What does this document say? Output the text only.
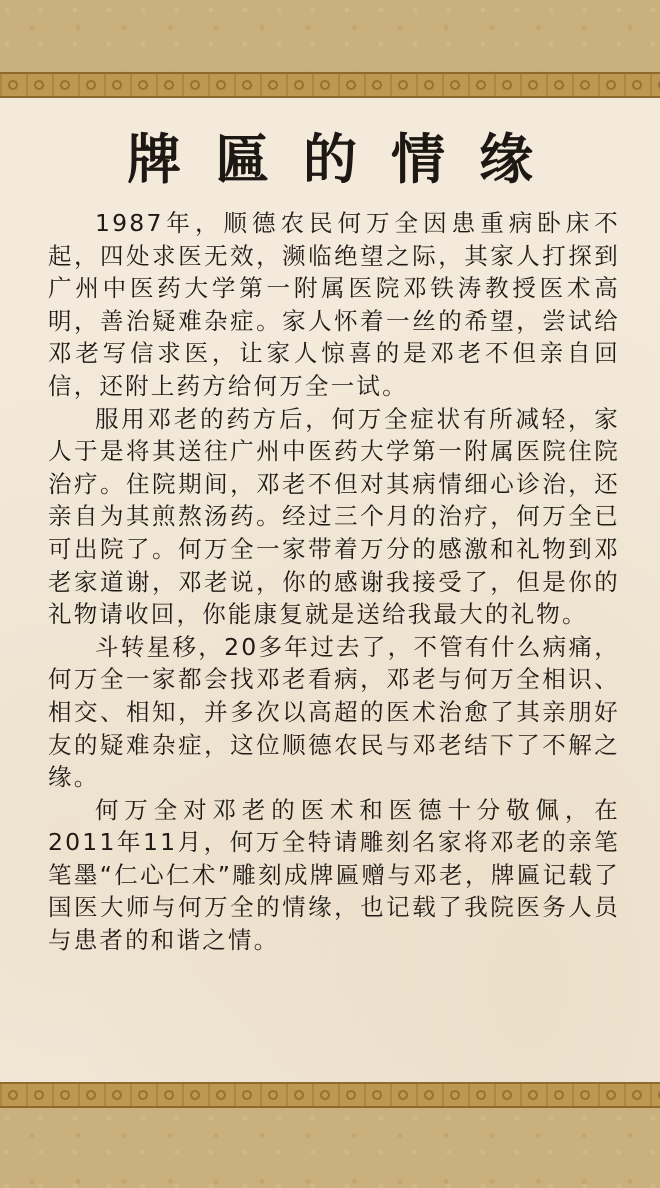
牌匾的情缘

1987年，顺德农民何万全因患重病卧床不起，四处求医无效，濒临绝望之际，其家人打探到广州中医药大学第一附属医院邓铁涛教授医术高明，善治疑难杂症。家人怀着一丝的希望，尝试给邓老写信求医，让家人惊喜的是邓老不但亲自回信，还附上药方给何万全一试。

服用邓老的药方后，何万全症状有所减轻，家人于是将其送往广州中医药大学第一附属医院住院治疗。住院期间，邓老不但对其病情细心诊治，还亲自为其煎熬汤药。经过三个月的治疗，何万全已可出院了。何万全一家带着万分的感激和礼物到邓老家道谢，邓老说，你的感谢我接受了，但是你的礼物请收回，你能康复就是送给我最大的礼物。

斗转星移，20多年过去了，不管有什么病痛，何万全一家都会找邓老看病，邓老与何万全相识、相交、相知，并多次以高超的医术治愈了其亲朋好友的疑难杂症，这位顺德农民与邓老结下了不解之缘。

何万全对邓老的医术和医德十分敬佩，在2011年11月，何万全特请雕刻名家将邓老的亲笔笔墨“仁心仁术”雕刻成牌匾赠与邓老，牌匾记载了国医大师与何万全的情缘，也记载了我院医务人员与患者的和谐之情。
